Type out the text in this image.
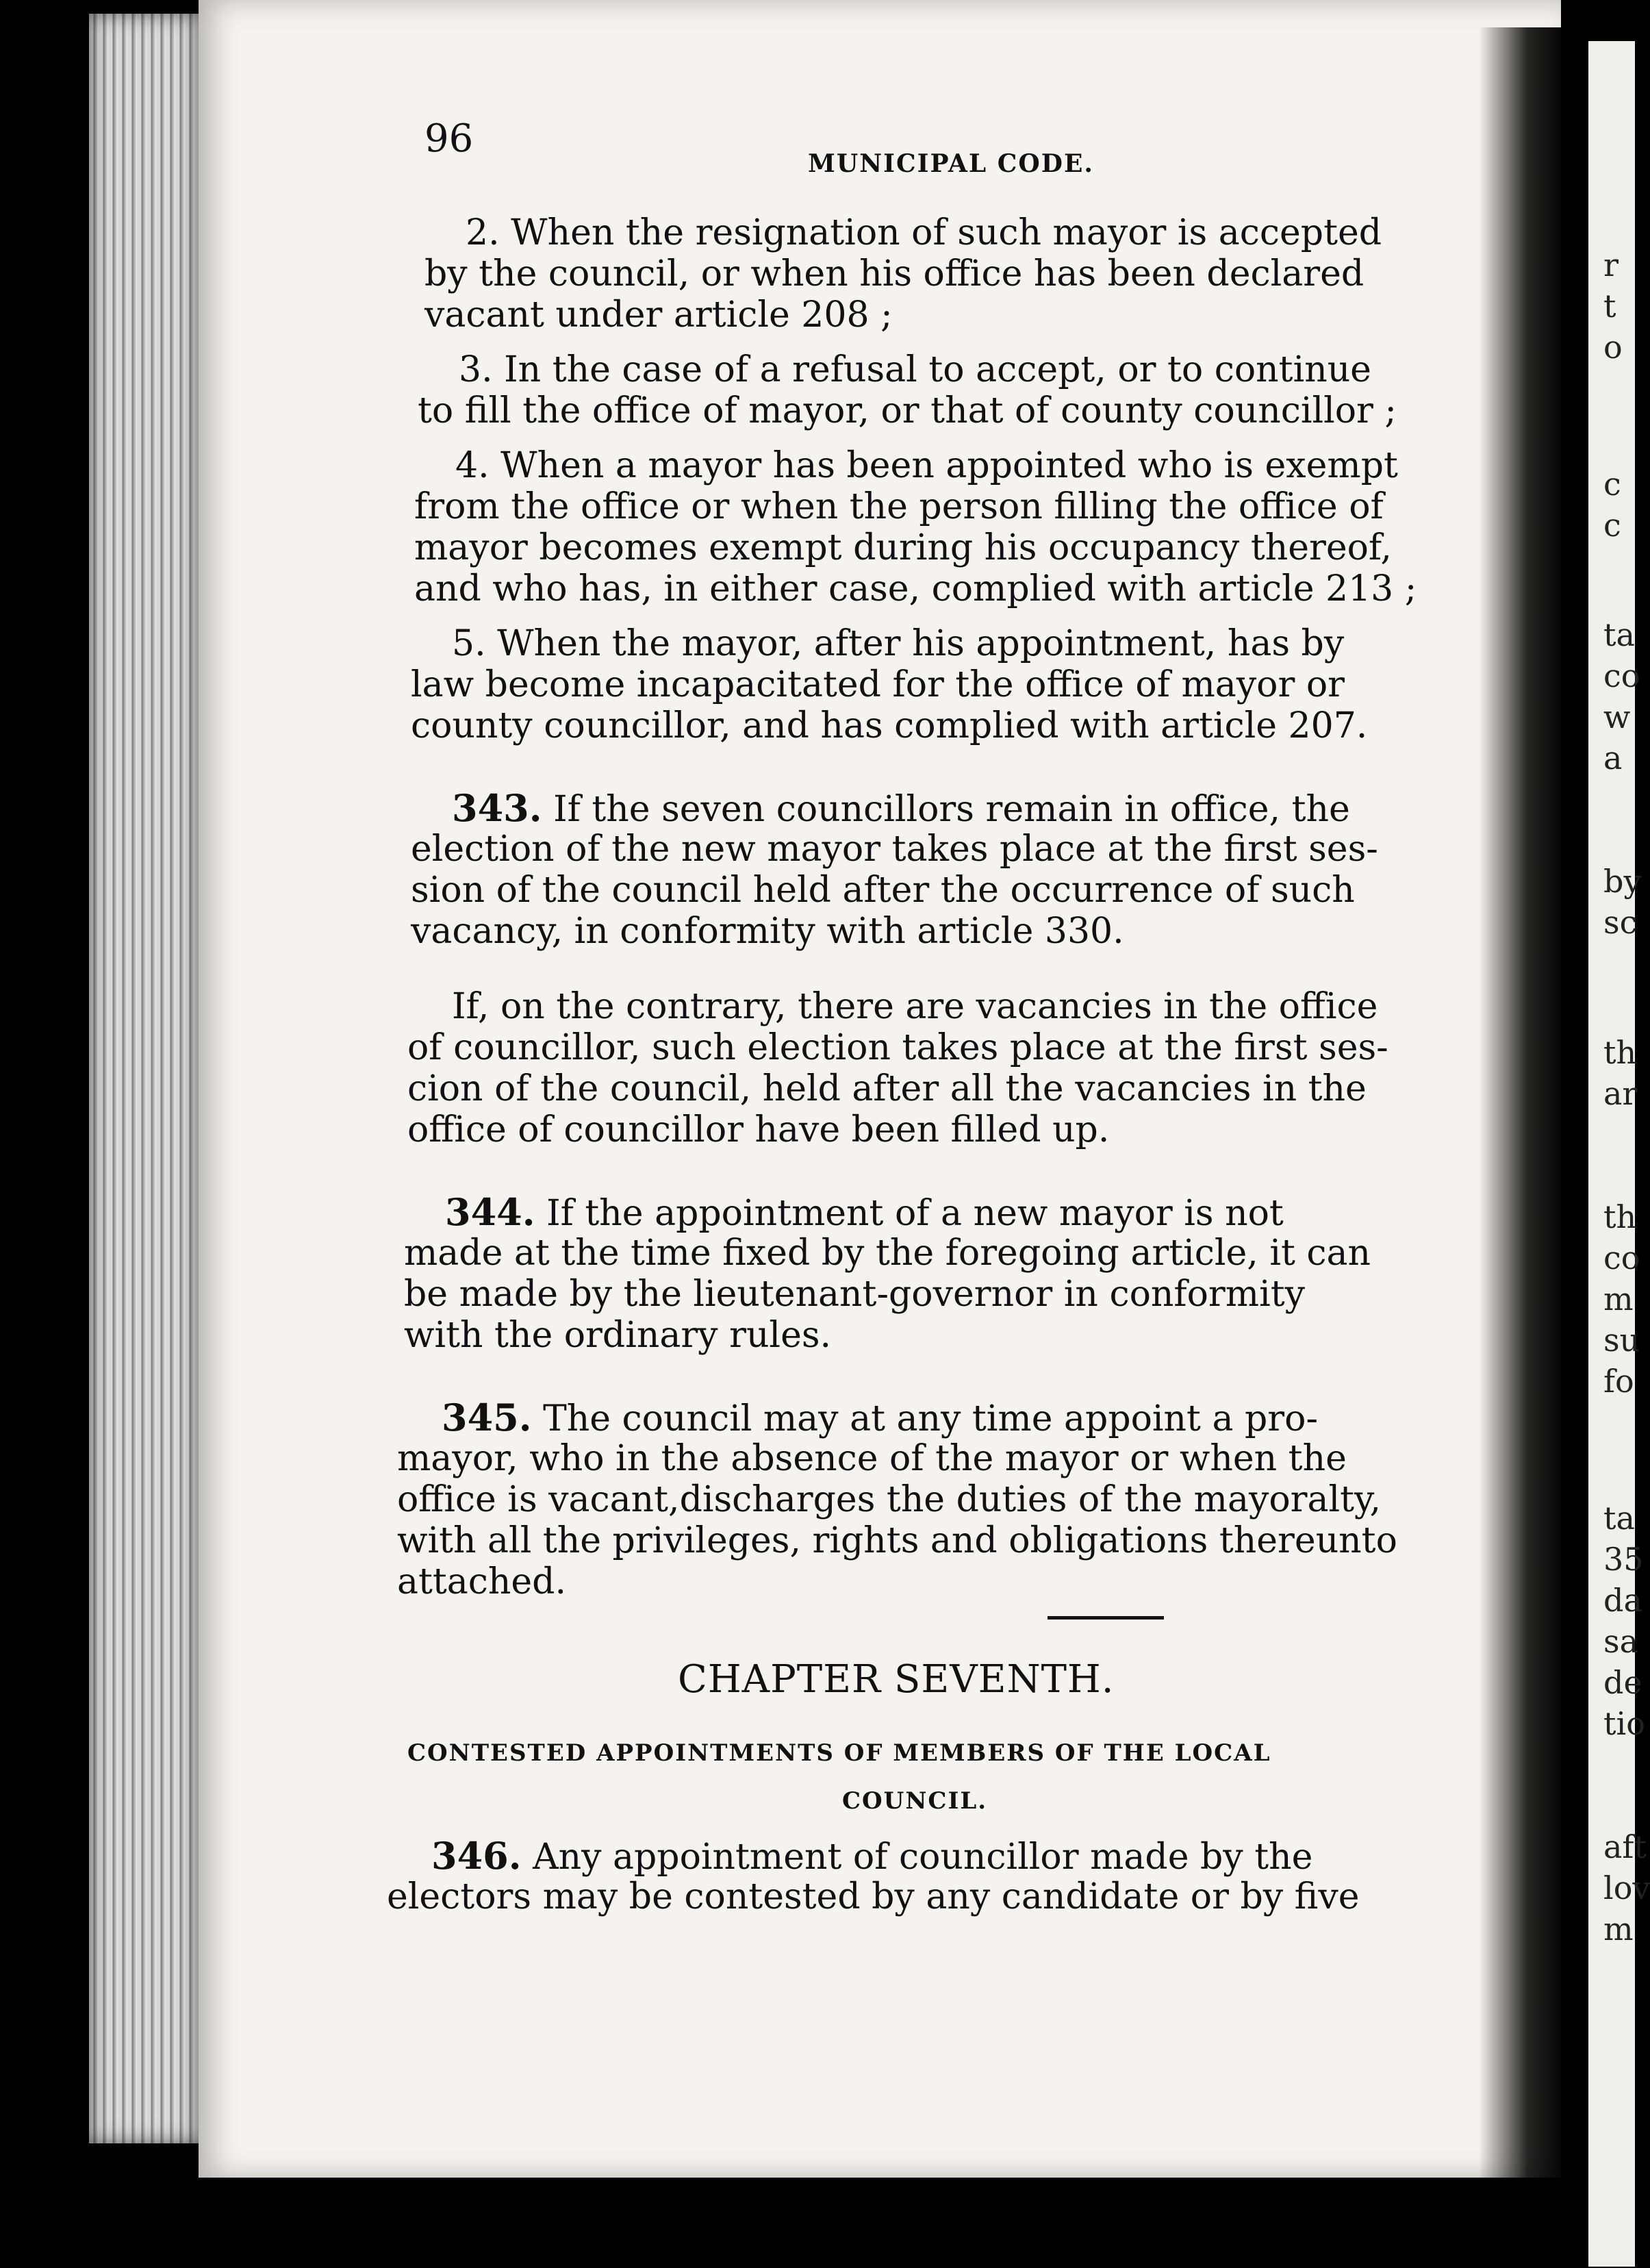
96
MUNICIPAL CODE.
2. When the resignation of such mayor is accepted
by the council, or when his office has been declared
vacant under article 208 ;
3. In the case of a refusal to accept, or to continue
to fill the office of mayor, or that of county councillor ;
4. When a mayor has been appointed who is exempt
from the office or when the person filling the office of
mayor becomes exempt during his occupancy thereof,
and who has, in either case, complied with article 213 ;
5. When the mayor, after his appointment, has by
law become incapacitated for the office of mayor or
county councillor, and has complied with article 207.
343. If the seven councillors remain in office, the
election of the new mayor takes place at the first ses-
sion of the council held after the occurrence of such
vacancy, in conformity with article 330.
If, on the contrary, there are vacancies in the office
of councillor, such election takes place at the first ses-
cion of the council, held after all the vacancies in the
office of councillor have been filled up.
344. If the appointment of a new mayor is not
made at the time fixed by the foregoing article, it can
be made by the lieutenant-governor in conformity
with the ordinary rules.
345. The council may at any time appoint a pro-
mayor, who in the absence of the mayor or when the
office is vacant,discharges the duties of the mayoralty,
with all the privileges, rights and obligations thereunto
attached.
CHAPTER SEVENTH.
CONTESTED APPOINTMENTS OF MEMBERS OF THE LOCAL
COUNCIL.
346. Any appointment of councillor made by the
electors may be contested by any candidate or by five
r
t
o
c
c
ta
co
w
a
by
sc
th
ar
th
co
m
su
fo
ta
35
da
sa
de
tio
aft
lov
m
